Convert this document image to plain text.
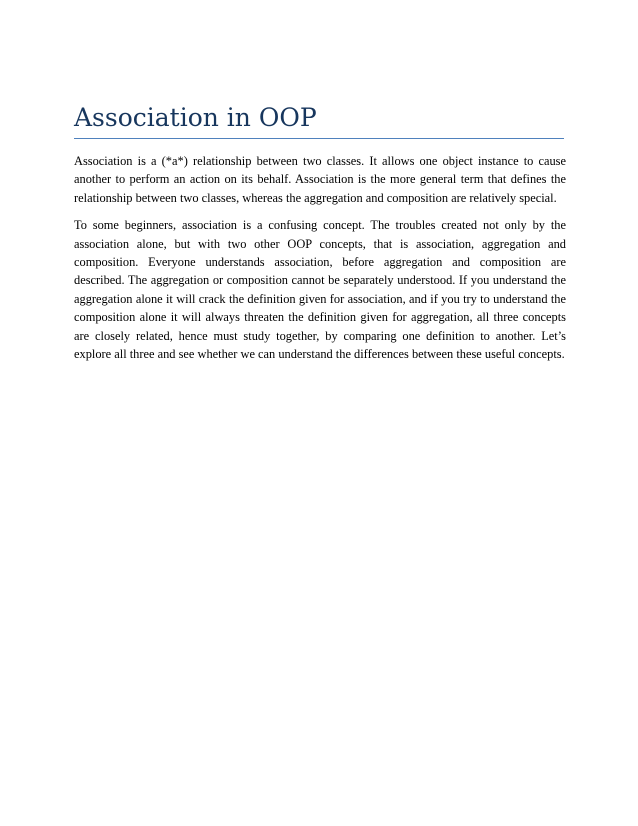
Association in OOP

Association is a (*a*) relationship between two classes. It allows one object instance to cause another to perform an action on its behalf. Association is the more general term that defines the relationship between two classes, whereas the aggregation and composition are relatively special.

To some beginners, association is a confusing concept. The troubles created not only by the association alone, but with two other OOP concepts, that is association, aggregation and composition. Everyone understands association, before aggregation and composition are described. The aggregation or composition cannot be separately understood. If you understand the aggregation alone it will crack the definition given for association, and if you try to understand the composition alone it will always threaten the definition given for aggregation, all three concepts are closely related, hence must study together, by comparing one definition to another. Let’s explore all three and see whether we can understand the differences between these useful concepts.
